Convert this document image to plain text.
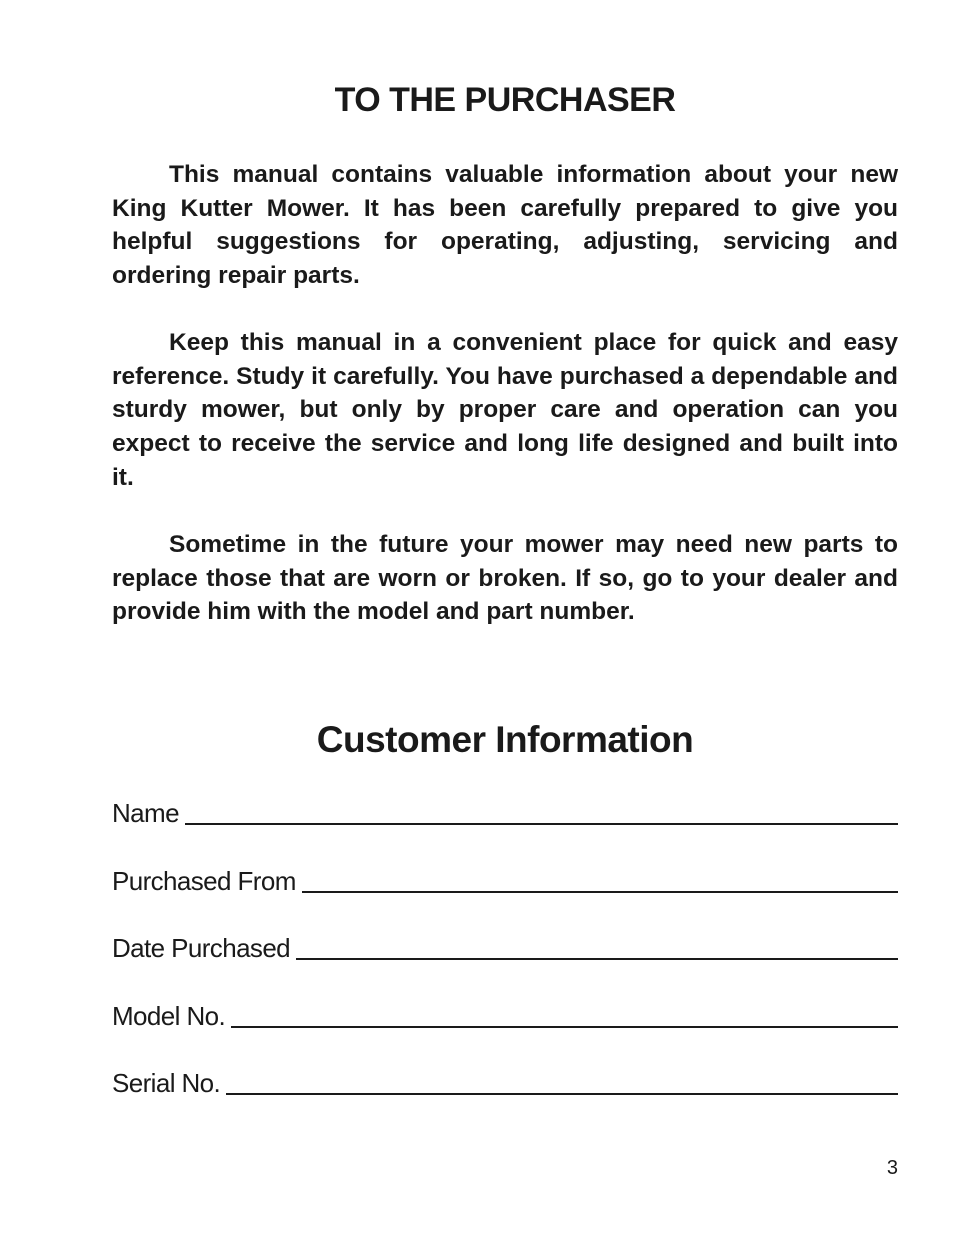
TO THE PURCHASER

This manual contains valuable information about your new King Kutter Mower. It has been carefully prepared to give you helpful suggestions for operating, adjusting, servicing and ordering repair parts.

Keep this manual in a convenient place for quick and easy reference. Study it carefully. You have purchased a dependable and sturdy mower, but only by proper care and operation can you expect to receive the service and long life designed and built into it.

Sometime in the future your mower may need new parts to replace those that are worn or broken. If so, go to your dealer and provide him with the model and part number.

Customer Information
Name
Purchased From
Date Purchased
Model No.
Serial No.
3
